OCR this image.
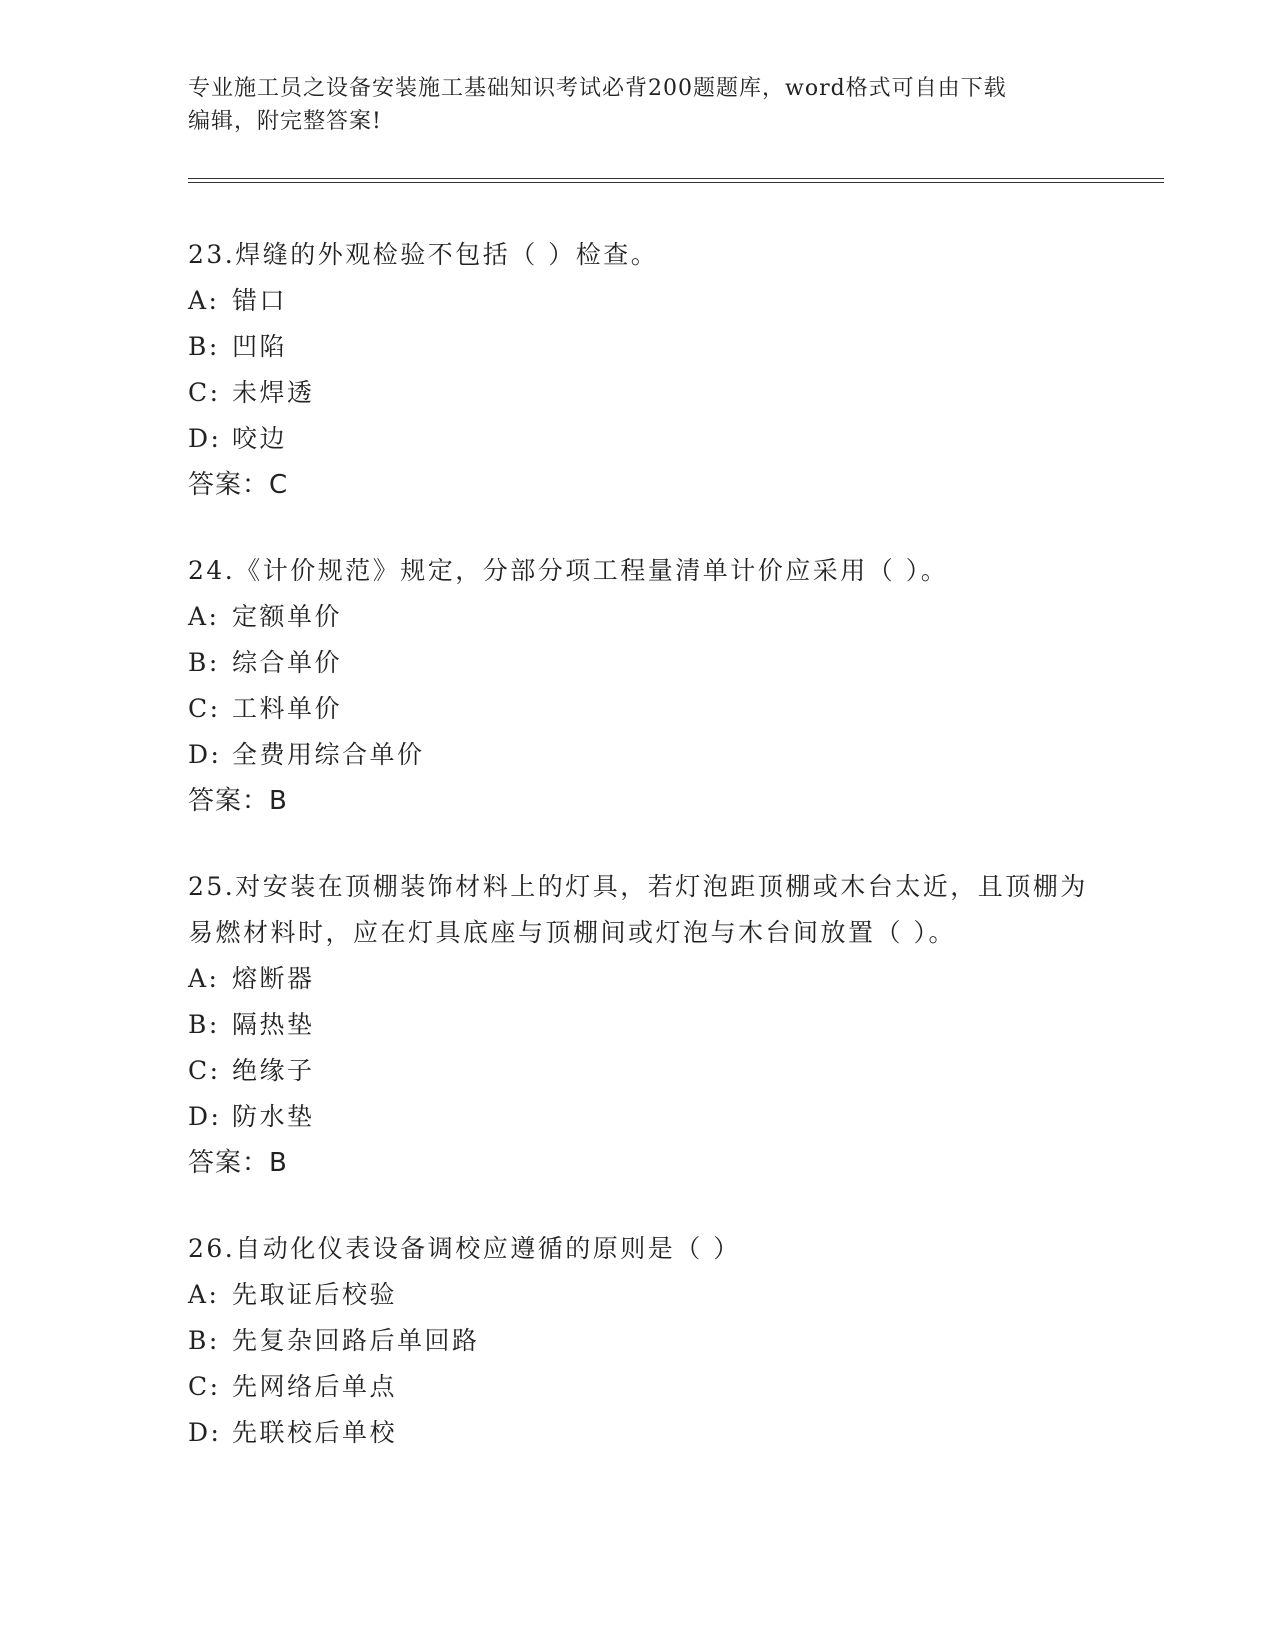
专业施工员之设备安装施工基础知识考试必背200题题库，word格式可自由下载
编辑，附完整答案!

23.焊缝的外观检验不包括（ ）检查。

A: 错口

B: 凹陷

C: 未焊透

D: 咬边

答案：C

24.《计价规范》规定，分部分项工程量清单计价应采用（ ）。

A: 定额单价

B: 综合单价

C: 工料单价

D: 全费用综合单价

答案：B

25.对安装在顶棚装饰材料上的灯具，若灯泡距顶棚或木台太近，且顶棚为易燃材料时，应在灯具底座与顶棚间或灯泡与木台间放置（ ）。

A: 熔断器

B: 隔热垫

C: 绝缘子

D: 防水垫

答案：B

26.自动化仪表设备调校应遵循的原则是（ ）

A: 先取证后校验

B: 先复杂回路后单回路

C: 先网络后单点

D: 先联校后单校
